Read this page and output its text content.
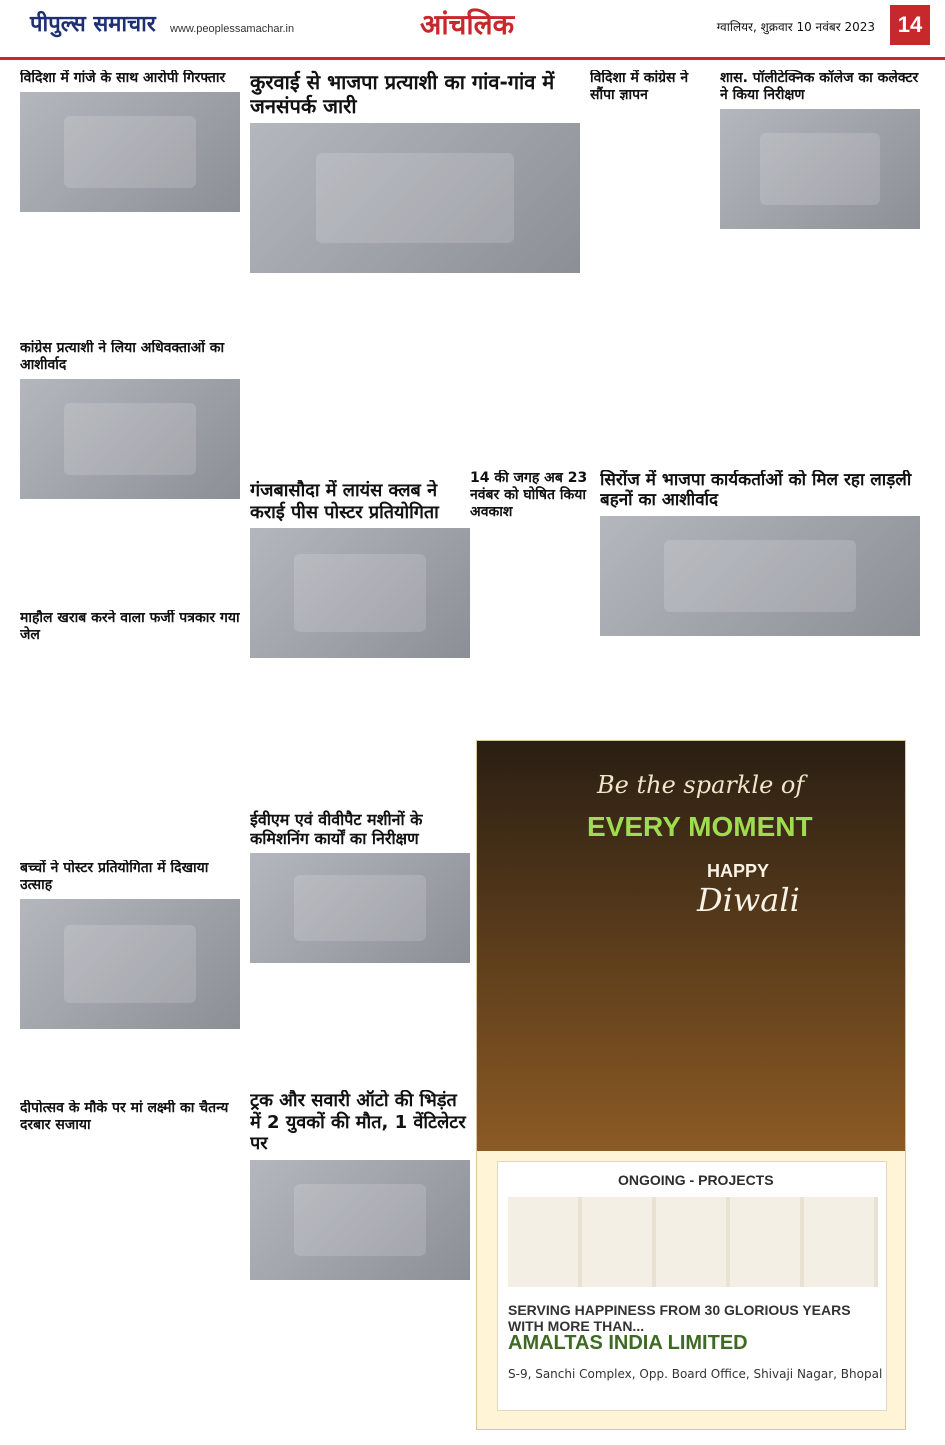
पीपुल्स समाचार www.peoplessamachar.in	आंचलिक	ग्वालियर, शुक्रवार 10 नवंबर 2023	14
विदिशा में गांजे के साथ आरोपी गिरफ्तार
कांग्रेस प्रत्याशी ने लिया अधिवक्ताओं का आशीर्वाद
माहौल खराब करने वाला फर्जी पत्रकार गया जेल
बच्चों ने पोस्टर प्रतियोगिता में दिखाया उत्साह
दीपोत्सव के मौके पर मां लक्ष्मी का चैतन्य दरबार सजाया
कुरवाई से भाजपा प्रत्याशी का गांव-गांव में जनसंपर्क जारी
गंजबासौदा में लायंस क्लब ने कराई पीस पोस्टर प्रतियोगिता
ईवीएम एवं वीवीपैट मशीनों के कमिशनिंग कार्यों का निरीक्षण
ट्रक और सवारी ऑटो की भिड़ंत में 2 युवकों की मौत, 1 वेंटिलेटर पर
विदिशा में कांग्रेस ने सौंपा ज्ञापन
14 की जगह अब 23 नवंबर को घोषित किया अवकाश
शास. पॉलीटेक्निक कॉलेज का कलेक्टर ने किया निरीक्षण
सिरोंज में भाजपा कार्यकर्ताओं को मिल रहा लाड़ली बहनों का आशीर्वाद
Be the sparkle of
EVERY MOMENT
HAPPY
Diwali
ONGOING - PROJECTS
SERVING HAPPINESS FROM 30 GLORIOUS YEARS WITH MORE THAN...
AMALTAS INDIA LIMITED
S-9, Sanchi Complex, Opp. Board Office, Shivaji Nagar, Bhopal
